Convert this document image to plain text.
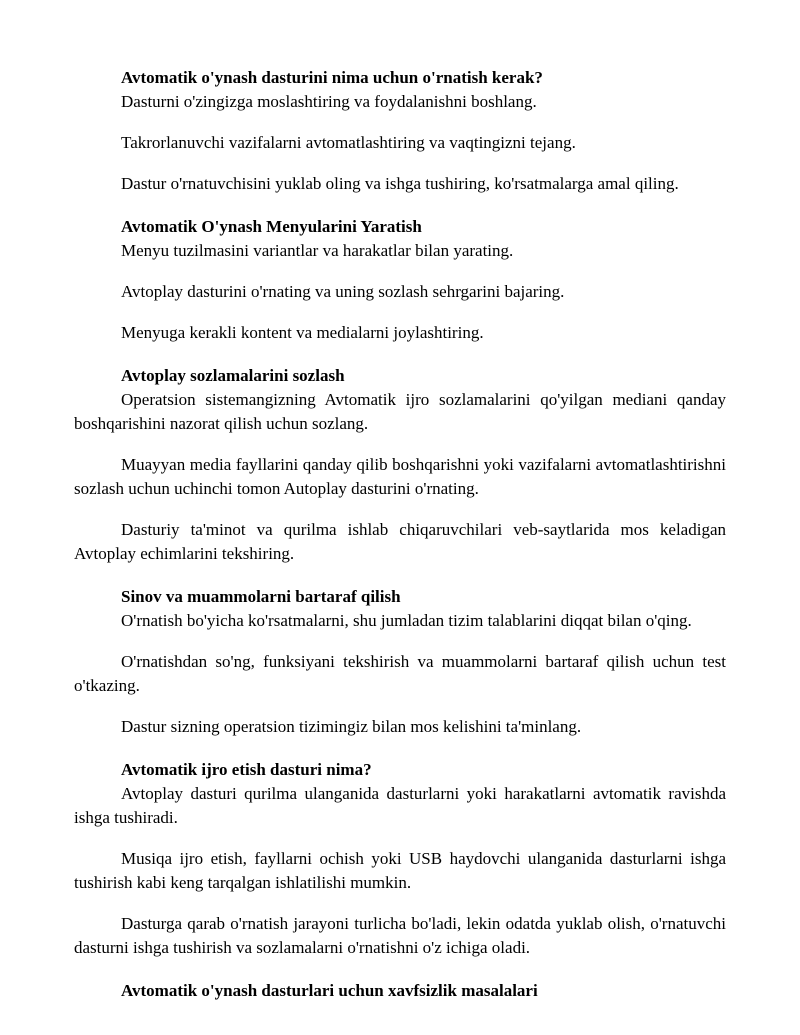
Avtomatik o'ynash dasturini nima uchun o'rnatish kerak?

Dasturni o'zingizga moslashtiring va foydalanishni boshlang.

Takrorlanuvchi vazifalarni avtomatlashtiring va vaqtingizni tejang.

Dastur o'rnatuvchisini yuklab oling va ishga tushiring, ko'rsatmalarga amal qiling.

Avtomatik O'ynash Menyularini Yaratish

Menyu tuzilmasini variantlar va harakatlar bilan yarating.

Avtoplay dasturini o'rnating va uning sozlash sehrgarini bajaring.

Menyuga kerakli kontent va medialarni joylashtiring.

Avtoplay sozlamalarini sozlash

Operatsion sistemangizning Avtomatik ijro sozlamalarini qo'yilgan mediani qanday boshqarishini nazorat qilish uchun sozlang.

Muayyan media fayllarini qanday qilib boshqarishni yoki vazifalarni avtomatlashtirishni sozlash uchun uchinchi tomon Autoplay dasturini o'rnating.

Dasturiy ta'minot va qurilma ishlab chiqaruvchilari veb-saytlarida mos keladigan Avtoplay echimlarini tekshiring.

Sinov va muammolarni bartaraf qilish

O'rnatish bo'yicha ko'rsatmalarni, shu jumladan tizim talablarini diqqat bilan o'qing.

O'rnatishdan so'ng, funksiyani tekshirish va muammolarni bartaraf qilish uchun test o'tkazing.

Dastur sizning operatsion tizimingiz bilan mos kelishini ta'minlang.

Avtomatik ijro etish dasturi nima?

Avtoplay dasturi qurilma ulanganida dasturlarni yoki harakatlarni avtomatik ravishda ishga tushiradi.

Musiqa ijro etish, fayllarni ochish yoki USB haydovchi ulanganida dasturlarni ishga tushirish kabi keng tarqalgan ishlatilishi mumkin.

Dasturga qarab o'rnatish jarayoni turlicha bo'ladi, lekin odatda yuklab olish, o'rnatuvchi dasturni ishga tushirish va sozlamalarni o'rnatishni o'z ichiga oladi.

Avtomatik o'ynash dasturlari uchun xavfsizlik masalalari
